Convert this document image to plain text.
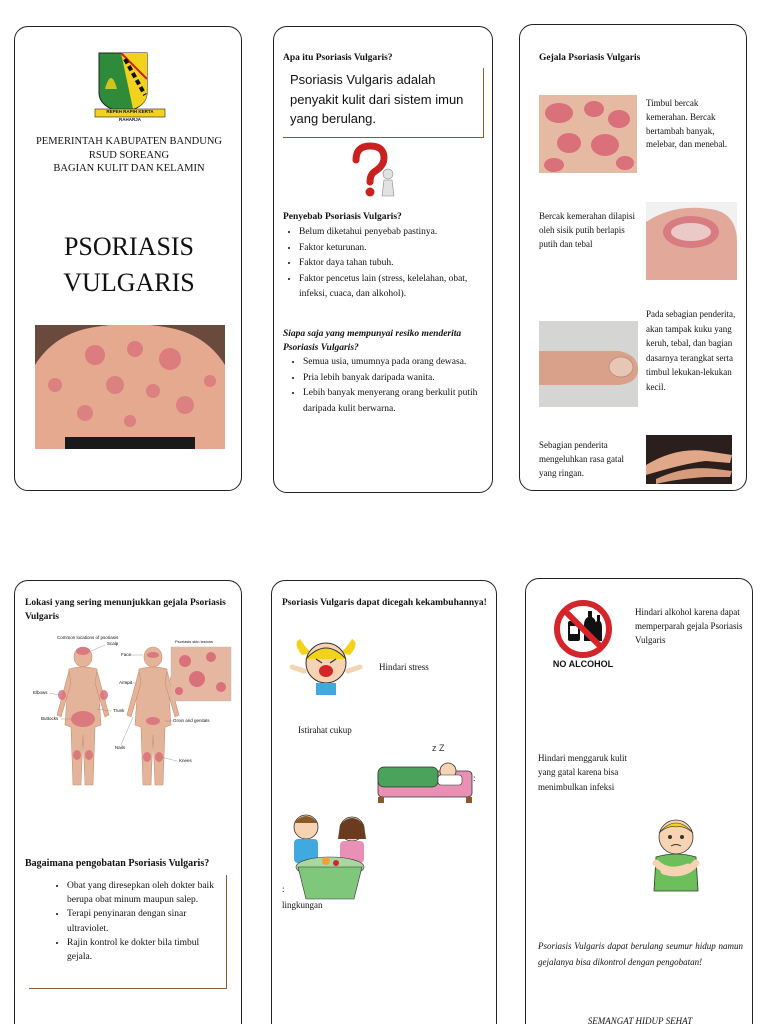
REPEH RAPIH KERTA RAHARJA
PEMERINTAH KABUPATEN BANDUNG
RSUD SOREANG
BAGIAN KULIT DAN KELAMIN
PSORIASIS
VULGARIS
Apa itu Psoriasis Vulgaris?
Psoriasis Vulgaris adalah penyakit kulit dari sistem imun yang berulang.
Penyebab Psoriasis Vulgaris?
• Belum diketahui penyebab pastinya.
• Faktor keturunan.
• Faktor daya tahan tubuh.
• Faktor pencetus lain (stress, kelelahan, obat, infeksi, cuaca, dan alkohol).
Siapa saja yang mempunyai resiko menderita Psoriasis Vulgaris?
• Semua usia, umumnya pada orang dewasa.
• Pria lebih banyak daripada wanita.
• Lebih banyak menyerang orang berkulit putih daripada kulit berwarna.
Gejala Psoriasis Vulgaris
Timbul bercak kemerahan. Bercak bertambah banyak, melebar, dan menebal.
Bercak kemerahan dilapisi oleh sisik putih berlapis putih dan tebal
Pada sebagian penderita, akan tampak kuku yang keruh, tebal, dan bagian dasarnya terangkat serta timbul lekukan-lekukan kecil.
Sebagian penderita mengeluhkan rasa gatal yang ringan.
Lokasi yang sering menunjukkan gejala Psoriasis Vulgaris
Common locations of psoriasis
Psoriasis skin lesions
Scalp
Face
Armpit
Elbows
Trunk
Buttocks
Nails
Groin and genitals
Knees
Bagaimana pengobatan Psoriasis Vulgaris?
• Obat yang diresepkan oleh dokter baik berupa obat minum maupun salep.
• Terapi penyinaran dengan sinar ultraviolet.
• Rajin kontrol ke dokter bila timbul gejala.
Psoriasis Vulgaris dapat dicegah kekambuhannya!
Hindari stress
Istirahat cukup
z Z
:
:
lingkungan
NO ALCOHOL
Hindari alkohol karena dapat memperparah gejala Psoriasis Vulgaris
Hindari menggaruk kulit yang gatal karena bisa menimbulkan infeksi
Psoriasis Vulgaris dapat berulang seumur hidup namun gejalanya bisa dikontrol dengan pengobatan!
SEMANGAT HIDUP SEHAT
